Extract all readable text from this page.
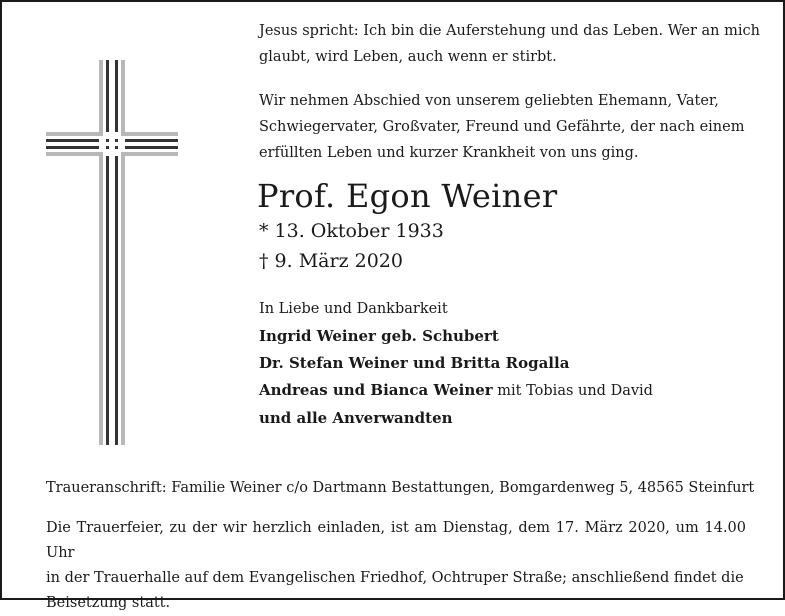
Jesus spricht: Ich bin die Auferstehung und das Leben. Wer an mich
glaubt, wird Leben, auch wenn er stirbt.

Wir nehmen Abschied von unserem geliebten Ehemann, Vater,
Schwiegervater, Großvater, Freund und Gefährte, der nach einem
erfüllten Leben und kurzer Krankheit von uns ging.

Prof. Egon Weiner
* 13. Oktober 1933
† 9. März 2020
In Liebe und Dankbarkeit
Ingrid Weiner geb. Schubert
Dr. Stefan Weiner und Britta Rogalla
Andreas und Bianca Weiner mit Tobias und David
und alle Anverwandten
Traueranschrift: Familie Weiner c/o Dartmann Bestattungen, Bomgardenweg 5, 48565 Steinfurt
Die Trauerfeier, zu der wir herzlich einladen, ist am Dienstag, dem 17. März 2020, um 14.00 Uhr
in der Trauerhalle auf dem Evangelischen Friedhof, Ochtruper Straße; anschließend findet die
Beisetzung statt.
